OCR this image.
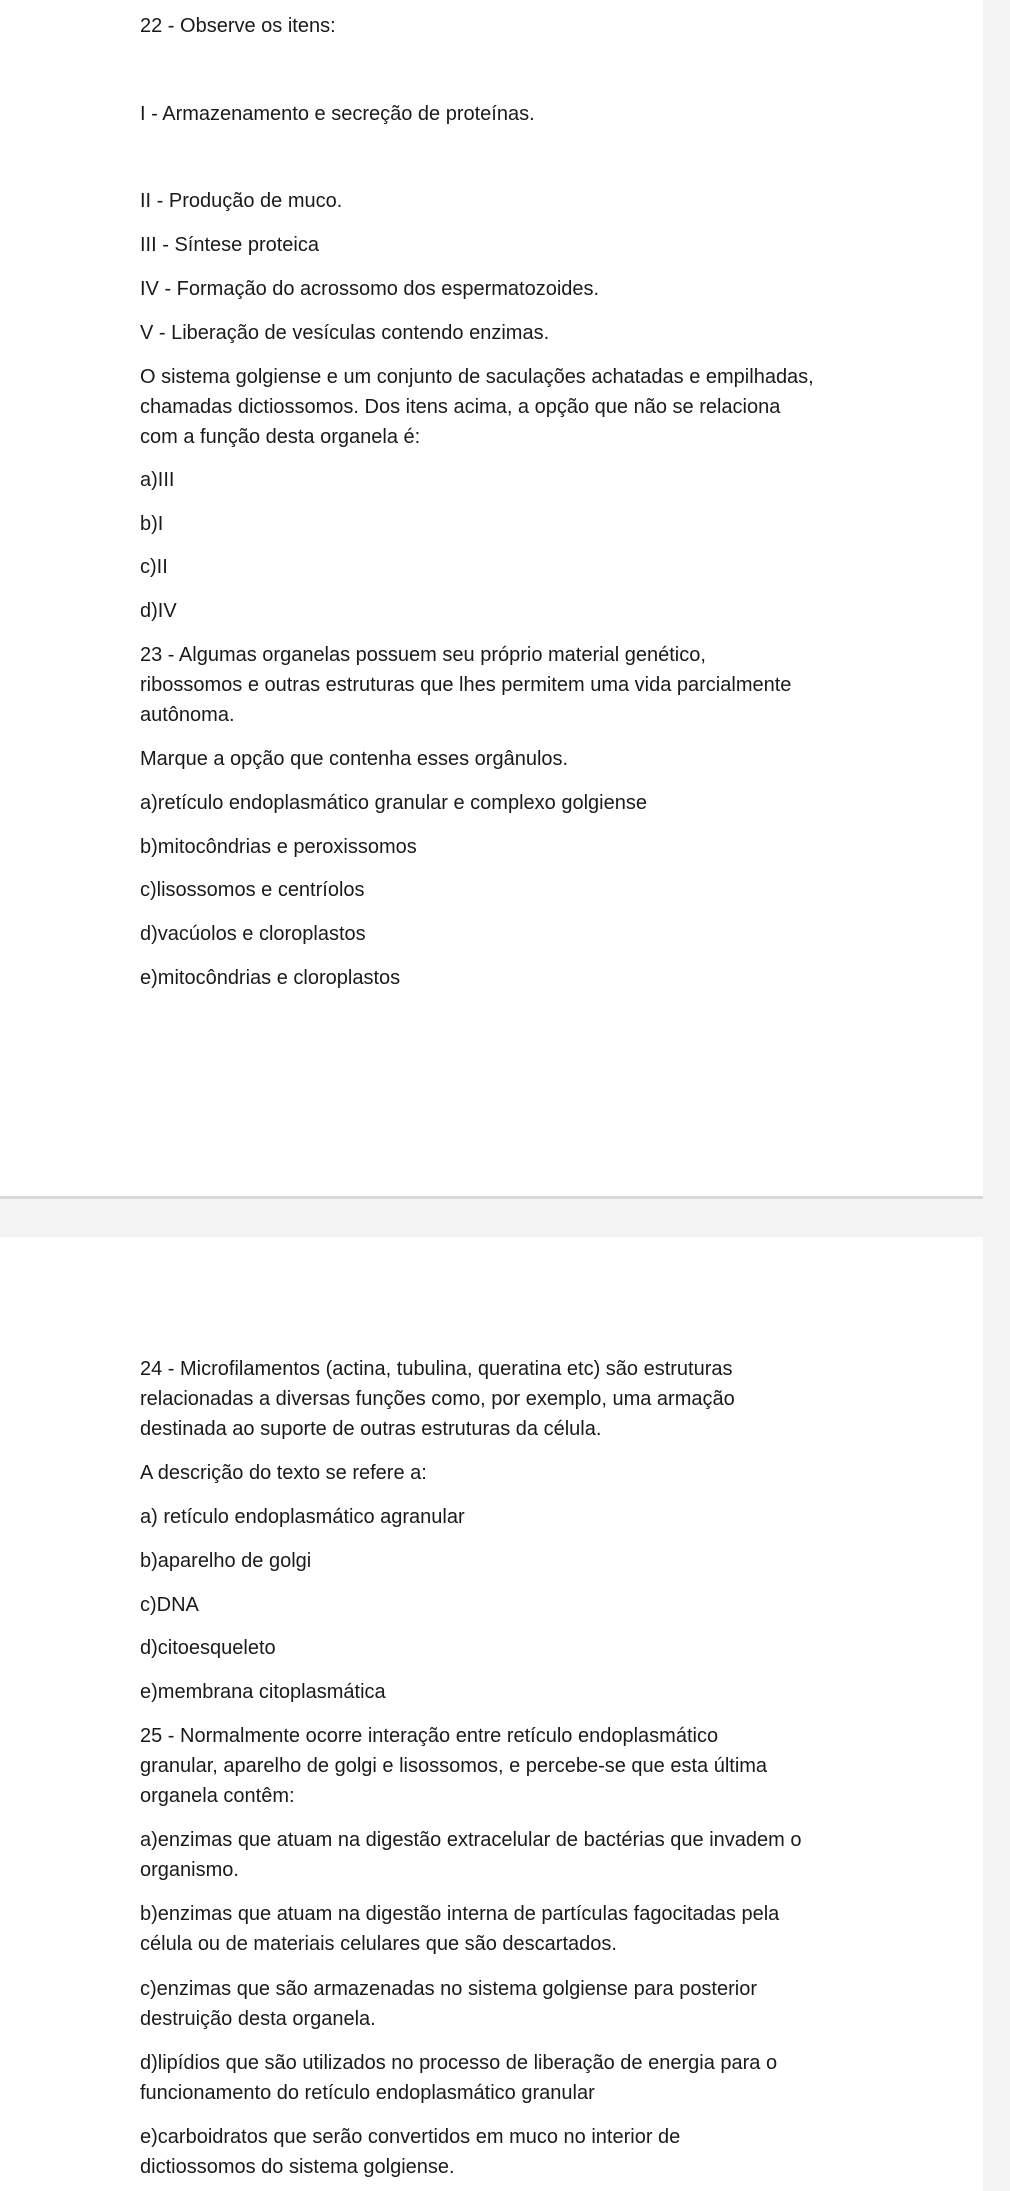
22 - Observe os itens:

I - Armazenamento e secreção de proteínas.

II - Produção de muco.

III - Síntese proteica

IV - Formação do acrossomo dos espermatozoides.

V - Liberação de vesículas contendo enzimas.

O sistema golgiense e um conjunto de saculações achatadas e empilhadas,

chamadas dictiossomos. Dos itens acima, a opção que não se relaciona

com a função desta organela é:

a)III

b)I

c)II

d)IV

23 - Algumas organelas possuem seu próprio material genético,

ribossomos e outras estruturas que lhes permitem uma vida parcialmente

autônoma.

Marque a opção que contenha esses orgânulos.

a)retículo endoplasmático granular e complexo golgiense

b)mitocôndrias e peroxissomos

c)lisossomos e centríolos

d)vacúolos e cloroplastos

e)mitocôndrias e cloroplastos

24 - Microfilamentos (actina, tubulina, queratina etc) são estruturas

relacionadas a diversas funções como, por exemplo, uma armação

destinada ao suporte de outras estruturas da célula.

A descrição do texto se refere a:

a) retículo endoplasmático agranular

b)aparelho de golgi

c)DNA

d)citoesqueleto

e)membrana citoplasmática

25 - Normalmente ocorre interação entre retículo endoplasmático

granular, aparelho de golgi e lisossomos, e percebe-se que esta última

organela contêm:

a)enzimas que atuam na digestão extracelular de bactérias que invadem o

organismo.

b)enzimas que atuam na digestão interna de partículas fagocitadas pela

célula ou de materiais celulares que são descartados.

c)enzimas que são armazenadas no sistema golgiense para posterior

destruição desta organela.

d)lipídios que são utilizados no processo de liberação de energia para o

funcionamento do retículo endoplasmático granular

e)carboidratos que serão convertidos em muco no interior de

dictiossomos do sistema golgiense.
